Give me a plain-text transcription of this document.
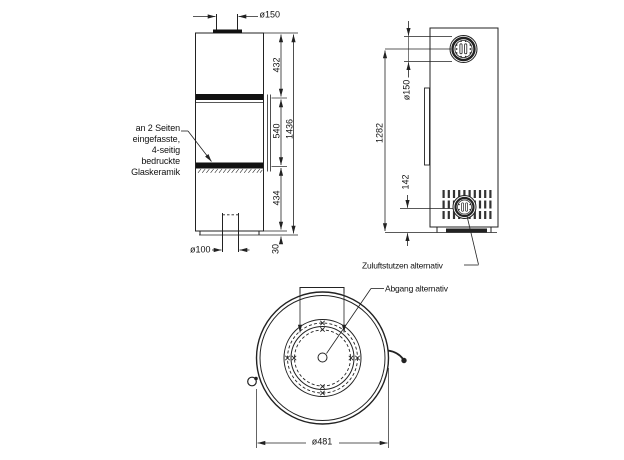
ø150
432
540
434
30
1436
ø100
an 2 Seiten
eingefasste,
4-seitig
bedruckte
Glaskeramik
ø150
1282
142
Zuluftstutzen alternativ
Abgang alternativ
ø481
